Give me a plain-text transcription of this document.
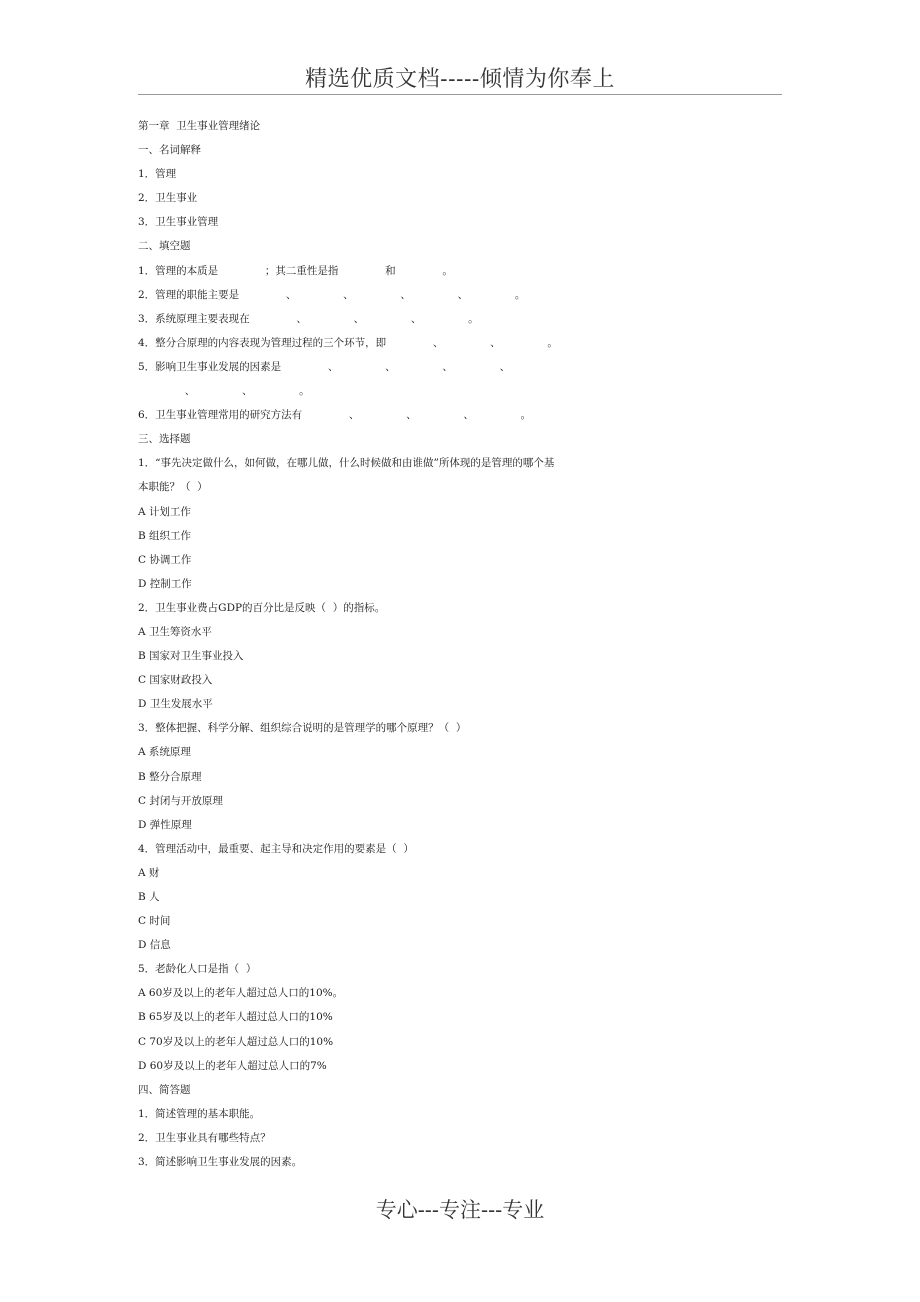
精选优质文档-----倾情为你奉上
第一章  卫生事业管理绪论
一、名词解释
1．管理
2．卫生事业
3．卫生事业管理
二、填空题
1．管理的本质是              ；其二重性是指              和              。
2．管理的职能主要是              、              、              、              、              。
3．系统原理主要表现在              、              、              、              。
4．整分合原理的内容表现为管理过程的三个环节，即              、              、              。
5．影响卫生事业发展的因素是              、              、              、              、
、              、              。
6．卫生事业管理常用的研究方法有              、              、              、              。
三、选择题
1．“事先决定做什么，如何做，在哪儿做，什么时候做和由谁做”所体现的是管理的哪个基
本职能？（  ）
A 计划工作
B 组织工作
C 协调工作
D 控制工作
2．卫生事业费占GDP的百分比是反映（  ）的指标。
A 卫生筹资水平
B 国家对卫生事业投入
C 国家财政投入
D 卫生发展水平
3．整体把握、科学分解、组织综合说明的是管理学的哪个原理？（  ）
A 系统原理
B 整分合原理
C 封闭与开放原理
D 弹性原理
4．管理活动中，最重要、起主导和决定作用的要素是（  ）
A 财
B 人
C 时间
D 信息
5．老龄化人口是指（  ）
A 60岁及以上的老年人超过总人口的10%。
B 65岁及以上的老年人超过总人口的10%
C 70岁及以上的老年人超过总人口的10%
D 60岁及以上的老年人超过总人口的7%
四、简答题
1．简述管理的基本职能。
2．卫生事业具有哪些特点？
3．简述影响卫生事业发展的因素。
专心---专注---专业
